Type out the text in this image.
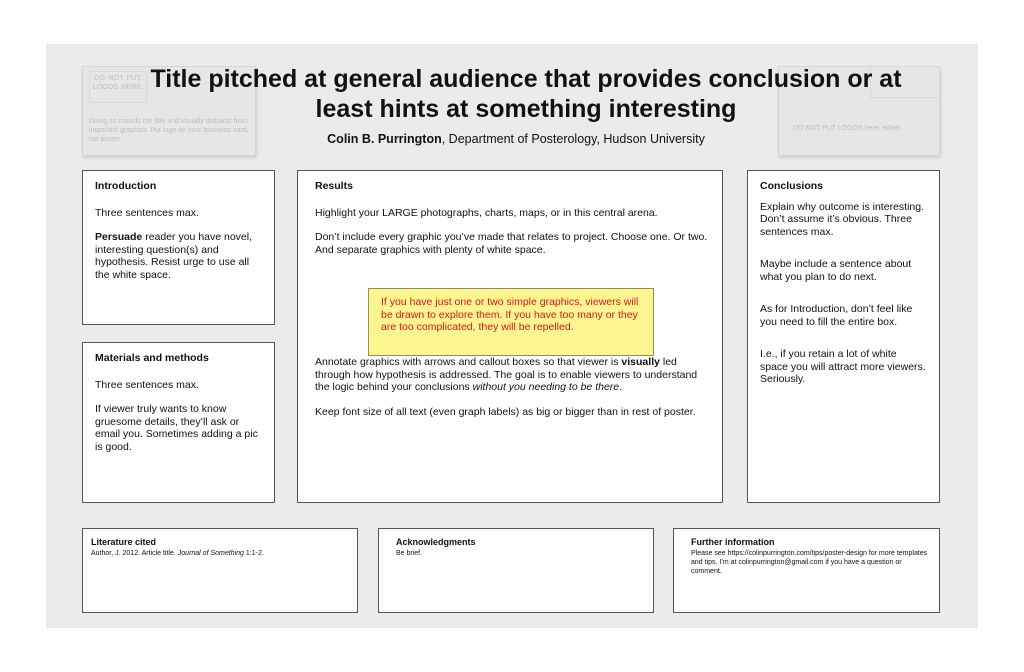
DO. NOT. PUT. LOGOS. HERE.
Doing so crowds the title and visually distracts from important graphics. Put logo on your business card, not poster.
DO NOT PUT LOGOS here, either.
Title pitched at general audience that provides conclusion or at least hints at something interesting
Colin B. Purrington, Department of Posterology, Hudson University
Introduction

Three sentences max.

Persuade reader you have novel, interesting question(s) and hypothesis. Resist urge to use all the white space.

Materials and methods

Three sentences max.

If viewer truly wants to know gruesome details, they’ll ask or email you. Sometimes adding a pic is good.

Results

Highlight your LARGE photographs, charts, maps, or in this central arena.

Don’t include every graphic you’ve made that relates to project. Choose one. Or two. And separate graphics with plenty of white space.

If you have just one or two simple graphics, viewers will be drawn to explore them. If you have too many or they are too complicated, they will be repelled.

Annotate graphics with arrows and callout boxes so that viewer is visually led through how hypothesis is addressed. The goal is to enable viewers to understand the logic behind your conclusions without you needing to be there.

Keep font size of all text (even graph labels) as big or bigger than in rest of poster.

Conclusions

Explain why outcome is interesting. Don’t assume it’s obvious. Three sentences max.

Maybe include a sentence about what you plan to do next.

As for Introduction, don’t feel like you need to fill the entire box.

I.e., if you retain a lot of white space you will attract more viewers. Seriously.

Literature cited
Author, J. 2012. Article title. Journal of Something 1:1-2.
Acknowledgments
Be brief.
Further information
Please see https://colinpurrington.com/tips/poster-design for more templates and tips. I’m at colinpurrington@gmail.com if you have a question or comment.
